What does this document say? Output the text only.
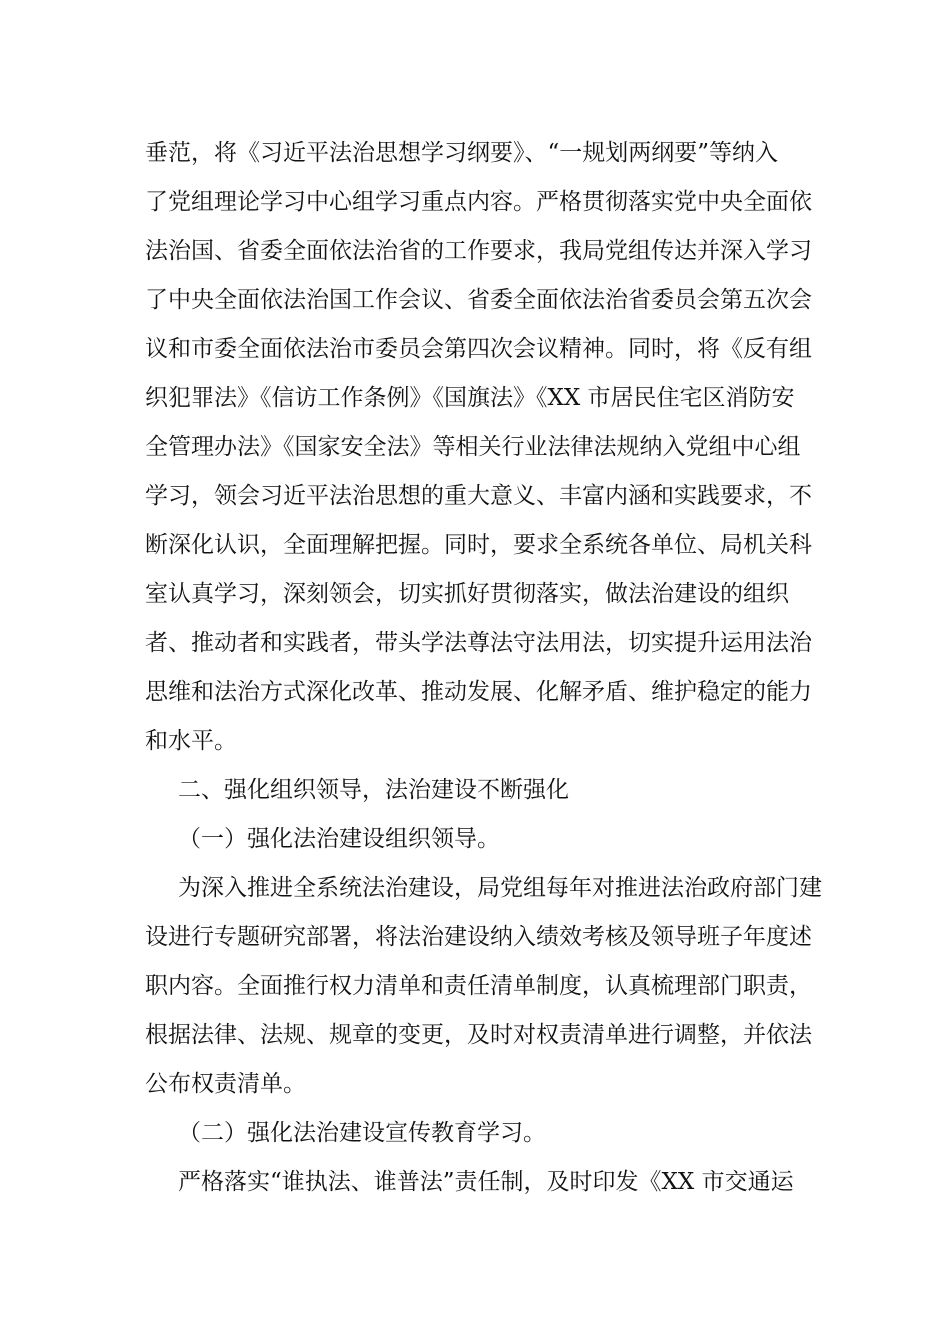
垂范，将《习近平法治思想学习纲要》、“一规划两纲要”等纳入
了党组理论学习中心组学习重点内容。严格贯彻落实党中央全面依
法治国、省委全面依法治省的工作要求，我局党组传达并深入学习
了中央全面依法治国工作会议、省委全面依法治省委员会第五次会
议和市委全面依法治市委员会第四次会议精神。同时，将《反有组
织犯罪法》《信访工作条例》《国旗法》《XX 市居民住宅区消防安
全管理办法》《国家安全法》等相关行业法律法规纳入党组中心组
学习，领会习近平法治思想的重大意义、丰富内涵和实践要求，不
断深化认识，全面理解把握。同时，要求全系统各单位、局机关科
室认真学习，深刻领会，切实抓好贯彻落实，做法治建设的组织
者、推动者和实践者，带头学法尊法守法用法，切实提升运用法治
思维和法治方式深化改革、推动发展、化解矛盾、维护稳定的能力
和水平。
二、强化组织领导，法治建设不断强化
（一）强化法治建设组织领导。
为深入推进全系统法治建设，局党组每年对推进法治政府部门建
设进行专题研究部署，将法治建设纳入绩效考核及领导班子年度述
职内容。全面推行权力清单和责任清单制度，认真梳理部门职责，
根据法律、法规、规章的变更，及时对权责清单进行调整，并依法
公布权责清单。
（二）强化法治建设宣传教育学习。
严格落实“谁执法、谁普法”责任制，及时印发《XX 市交通运
